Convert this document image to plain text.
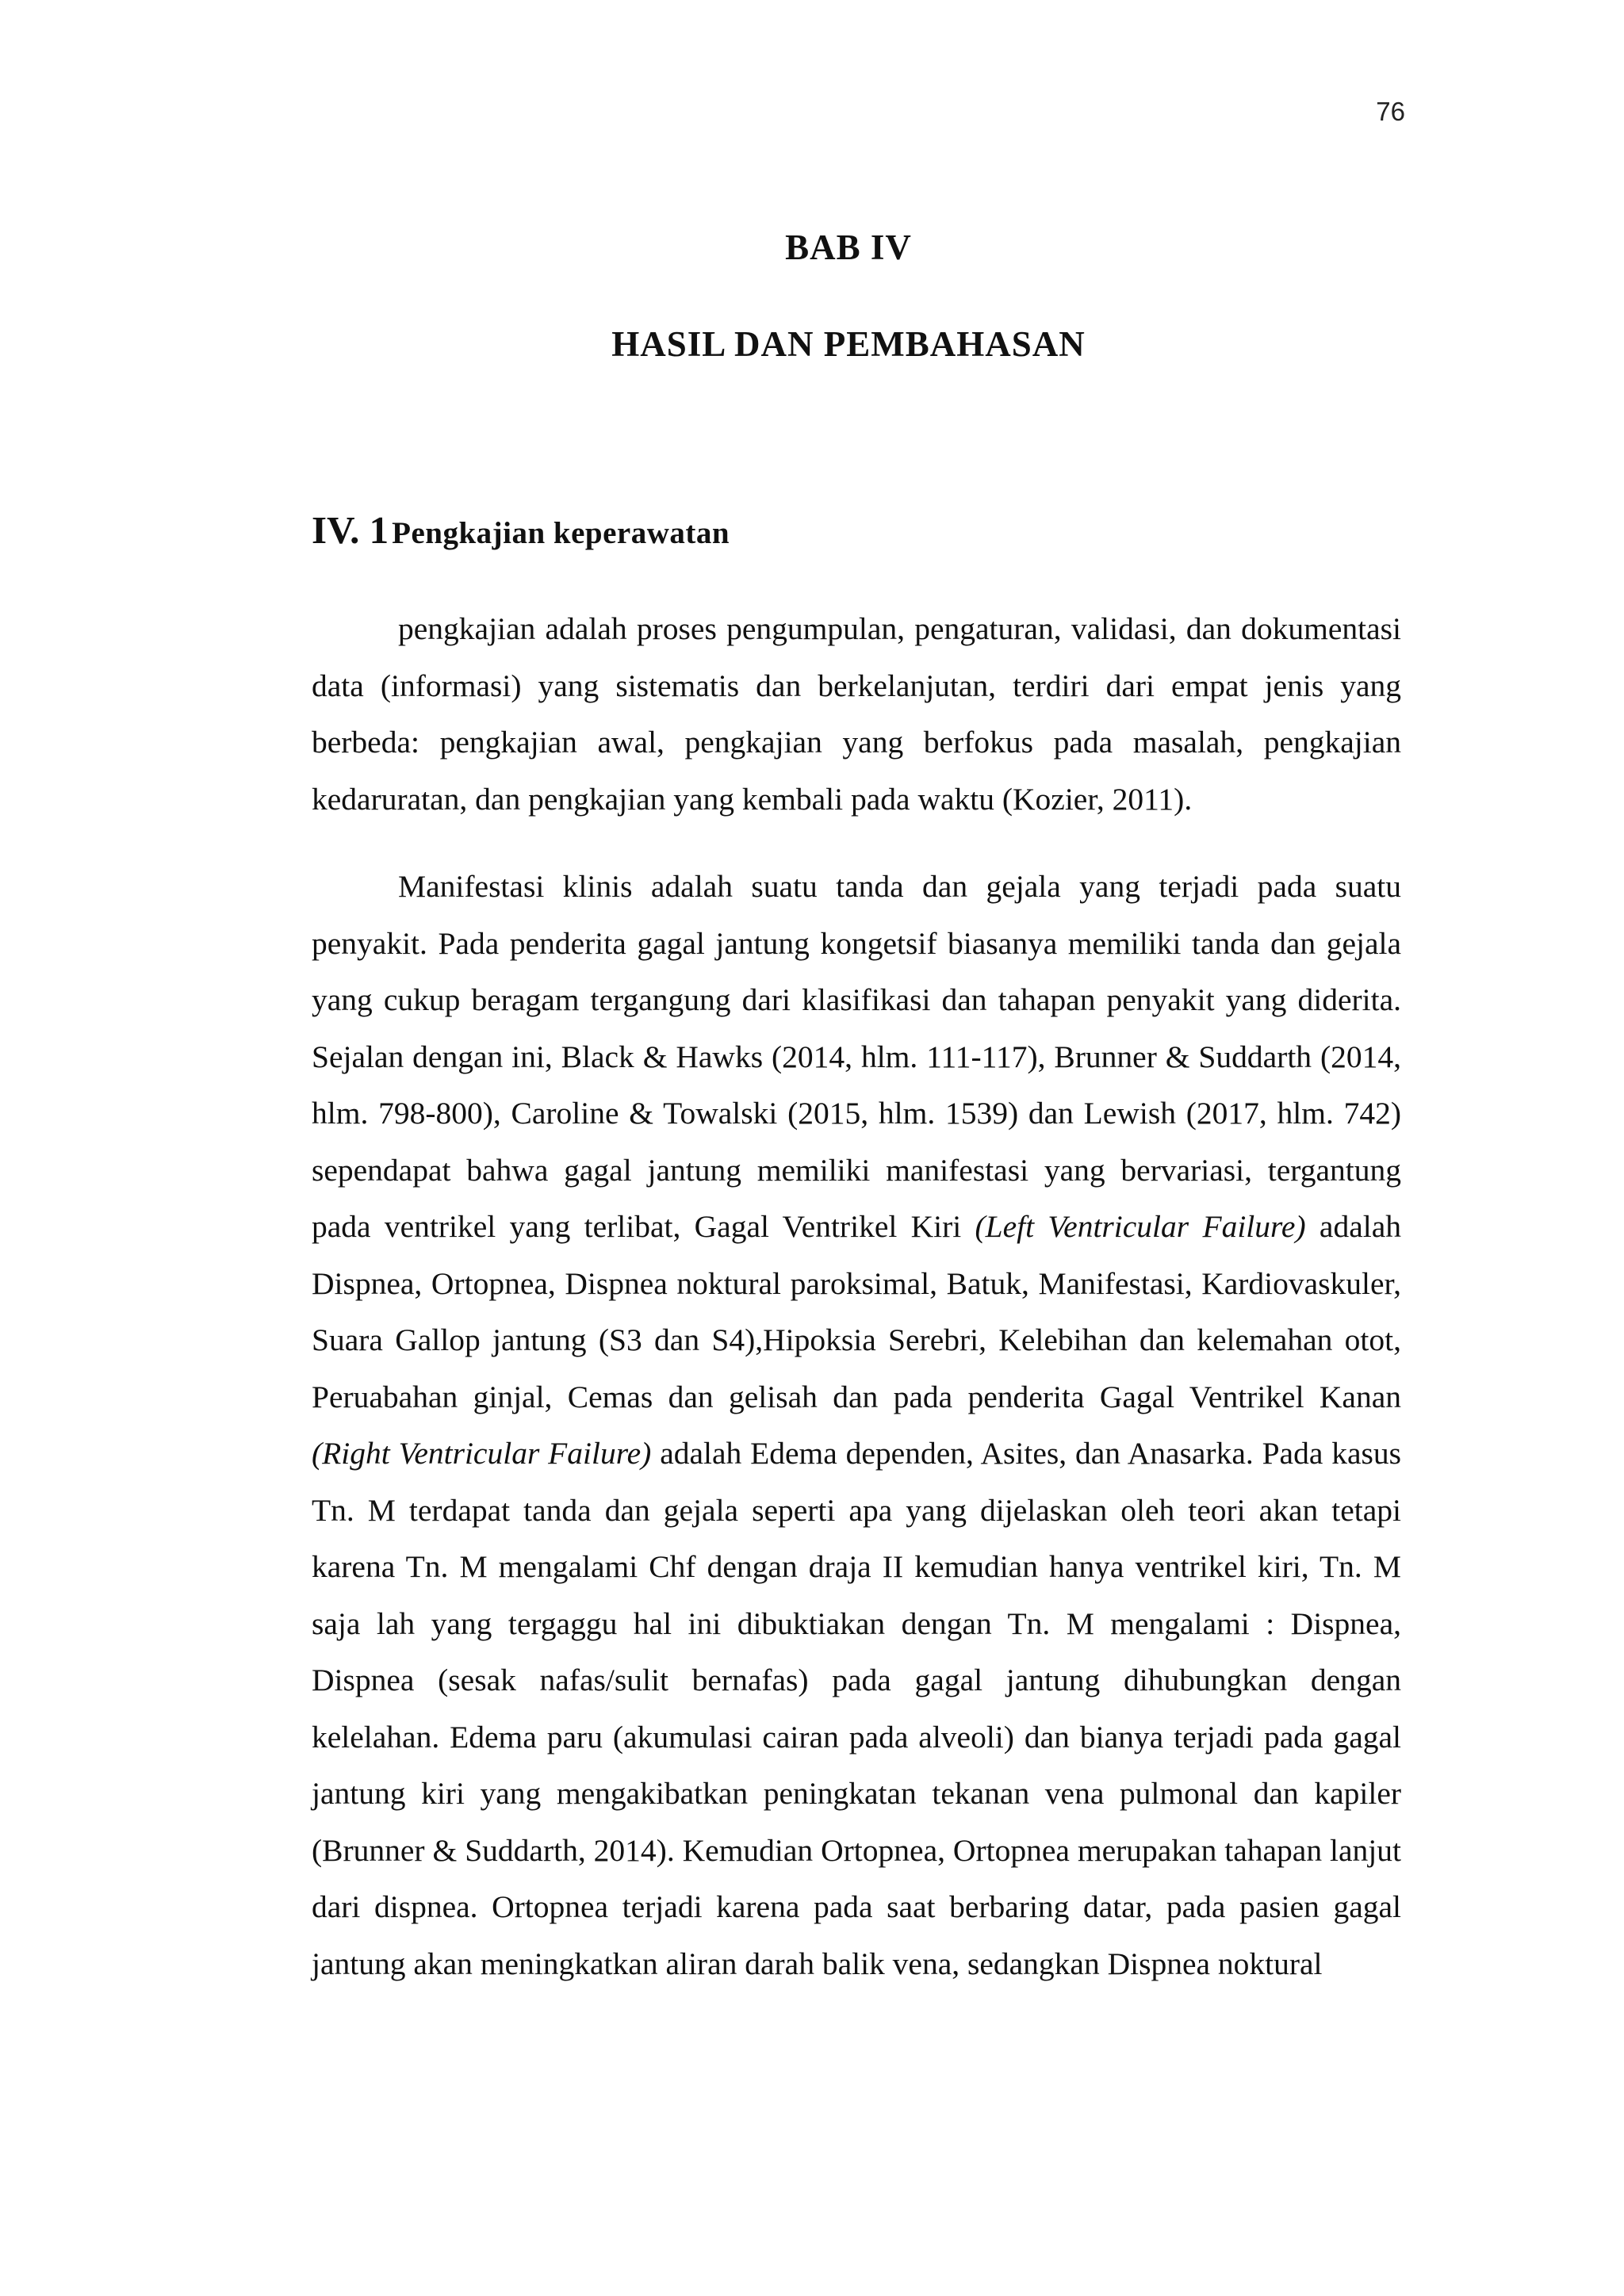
76
BAB IV
HASIL DAN PEMBAHASAN
IV. 1 Pengkajian keperawatan

pengkajian adalah proses pengumpulan, pengaturan, validasi, dan dokumentasi data (informasi) yang sistematis dan berkelanjutan, terdiri dari empat jenis yang berbeda: pengkajian awal, pengkajian yang berfokus pada masalah, pengkajian kedaruratan, dan pengkajian yang kembali pada waktu (Kozier, 2011).

Manifestasi klinis adalah suatu tanda dan gejala yang terjadi pada suatu penyakit. Pada penderita gagal jantung kongetsif biasanya memiliki tanda dan gejala yang cukup beragam tergangung dari klasifikasi dan tahapan penyakit yang diderita. Sejalan dengan ini, Black & Hawks (2014, hlm. 111-117), Brunner & Suddarth (2014, hlm. 798-800), Caroline & Towalski (2015, hlm. 1539) dan Lewish (2017, hlm. 742) sependapat bahwa gagal jantung memiliki manifestasi yang bervariasi, tergantung pada ventrikel yang terlibat, Gagal Ventrikel Kiri (Left Ventricular Failure) adalah Dispnea, Ortopnea, Dispnea noktural paroksimal, Batuk, Manifestasi, Kardiovaskuler, Suara Gallop jantung (S3 dan S4),Hipoksia Serebri, Kelebihan dan kelemahan otot, Peruabahan ginjal, Cemas dan gelisah dan pada penderita Gagal Ventrikel Kanan (Right Ventricular Failure) adalah Edema dependen, Asites, dan Anasarka. Pada kasus Tn. M terdapat tanda dan gejala seperti apa yang dijelaskan oleh teori akan tetapi karena Tn. M mengalami Chf dengan draja II kemudian hanya ventrikel kiri, Tn. M saja lah yang tergaggu hal ini dibuktiakan dengan Tn. M mengalami : Dispnea, Dispnea (sesak nafas/sulit bernafas) pada gagal jantung dihubungkan dengan kelelahan. Edema paru (akumulasi cairan pada alveoli) dan bianya terjadi pada gagal jantung kiri yang mengakibatkan peningkatan tekanan vena pulmonal dan kapiler (Brunner & Suddarth, 2014). Kemudian Ortopnea, Ortopnea merupakan tahapan lanjut dari dispnea. Ortopnea terjadi karena pada saat berbaring datar, pada pasien gagal jantung akan meningkatkan aliran darah balik vena, sedangkan Dispnea noktural
